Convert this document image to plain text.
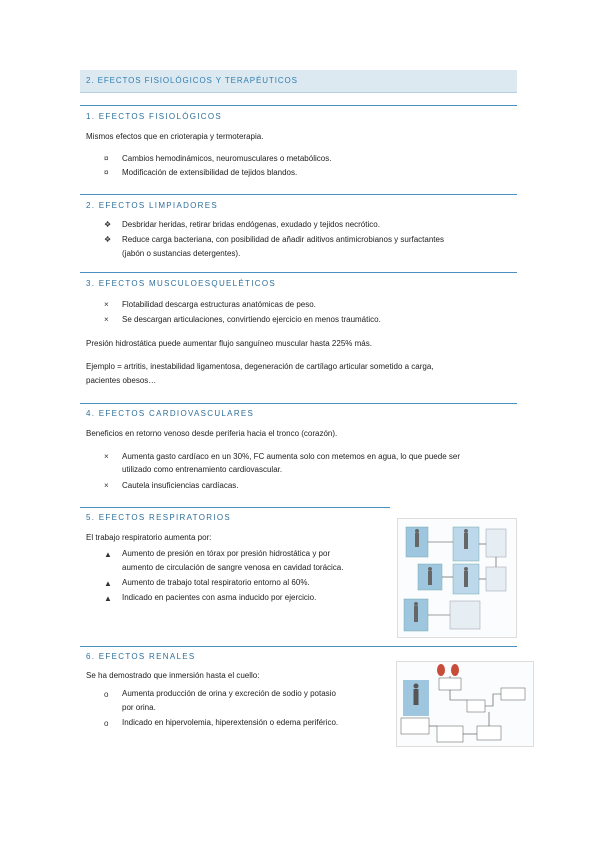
2. EFECTOS FISIOLÓGICOS Y TERAPÉUTICOS
1. EFECTOS FISIOLÓGICOS
Mismos efectos que en crioterapia y termoterapia.
¤ Cambios hemodinámicos, neuromusculares o metabólicos.
¤ Modificación de extensibilidad de tejidos blandos.
2. EFECTOS LIMPIADORES
❖ Desbridar heridas, retirar bridas endógenas, exudado y tejidos necrótico.
❖ Reduce carga bacteriana, con posibilidad de añadir aditivos antimicrobianos y surfactantes
(jabón o sustancias detergentes).
3. EFECTOS MUSCULOESQUELÉTICOS
× Flotabilidad descarga estructuras anatómicas de peso.
× Se descargan articulaciones, convirtiendo ejercicio en menos traumático.
Presión hidrostática puede aumentar flujo sanguíneo muscular hasta 225% más.
Ejemplo = artritis, inestabilidad ligamentosa, degeneración de cartílago articular sometido a carga,
pacientes obesos…
4. EFECTOS CARDIOVASCULARES
Beneficios en retorno venoso desde periferia hacia el tronco (corazón).
× Aumenta gasto cardíaco en un 30%, FC aumenta solo con metemos en agua, lo que puede ser
utilizado como entrenamiento cardiovascular.
× Cautela insuficiencias cardíacas.
5. EFECTOS RESPIRATORIOS
El trabajo respiratorio aumenta por:
▲ Aumento de presión en tórax por presión hidrostática y por
aumento de circulación de sangre venosa en cavidad torácica.
▲ Aumento de trabajo total respiratorio entorno al 60%.
▲ Indicado en pacientes con asma inducido por ejercicio.
6. EFECTOS RENALES
Se ha demostrado que inmersión hasta el cuello:
o Aumenta producción de orina y excreción de sodio y potasio
por orina.
o Indicado en hipervolemia, hiperextensión o edema periférico.
